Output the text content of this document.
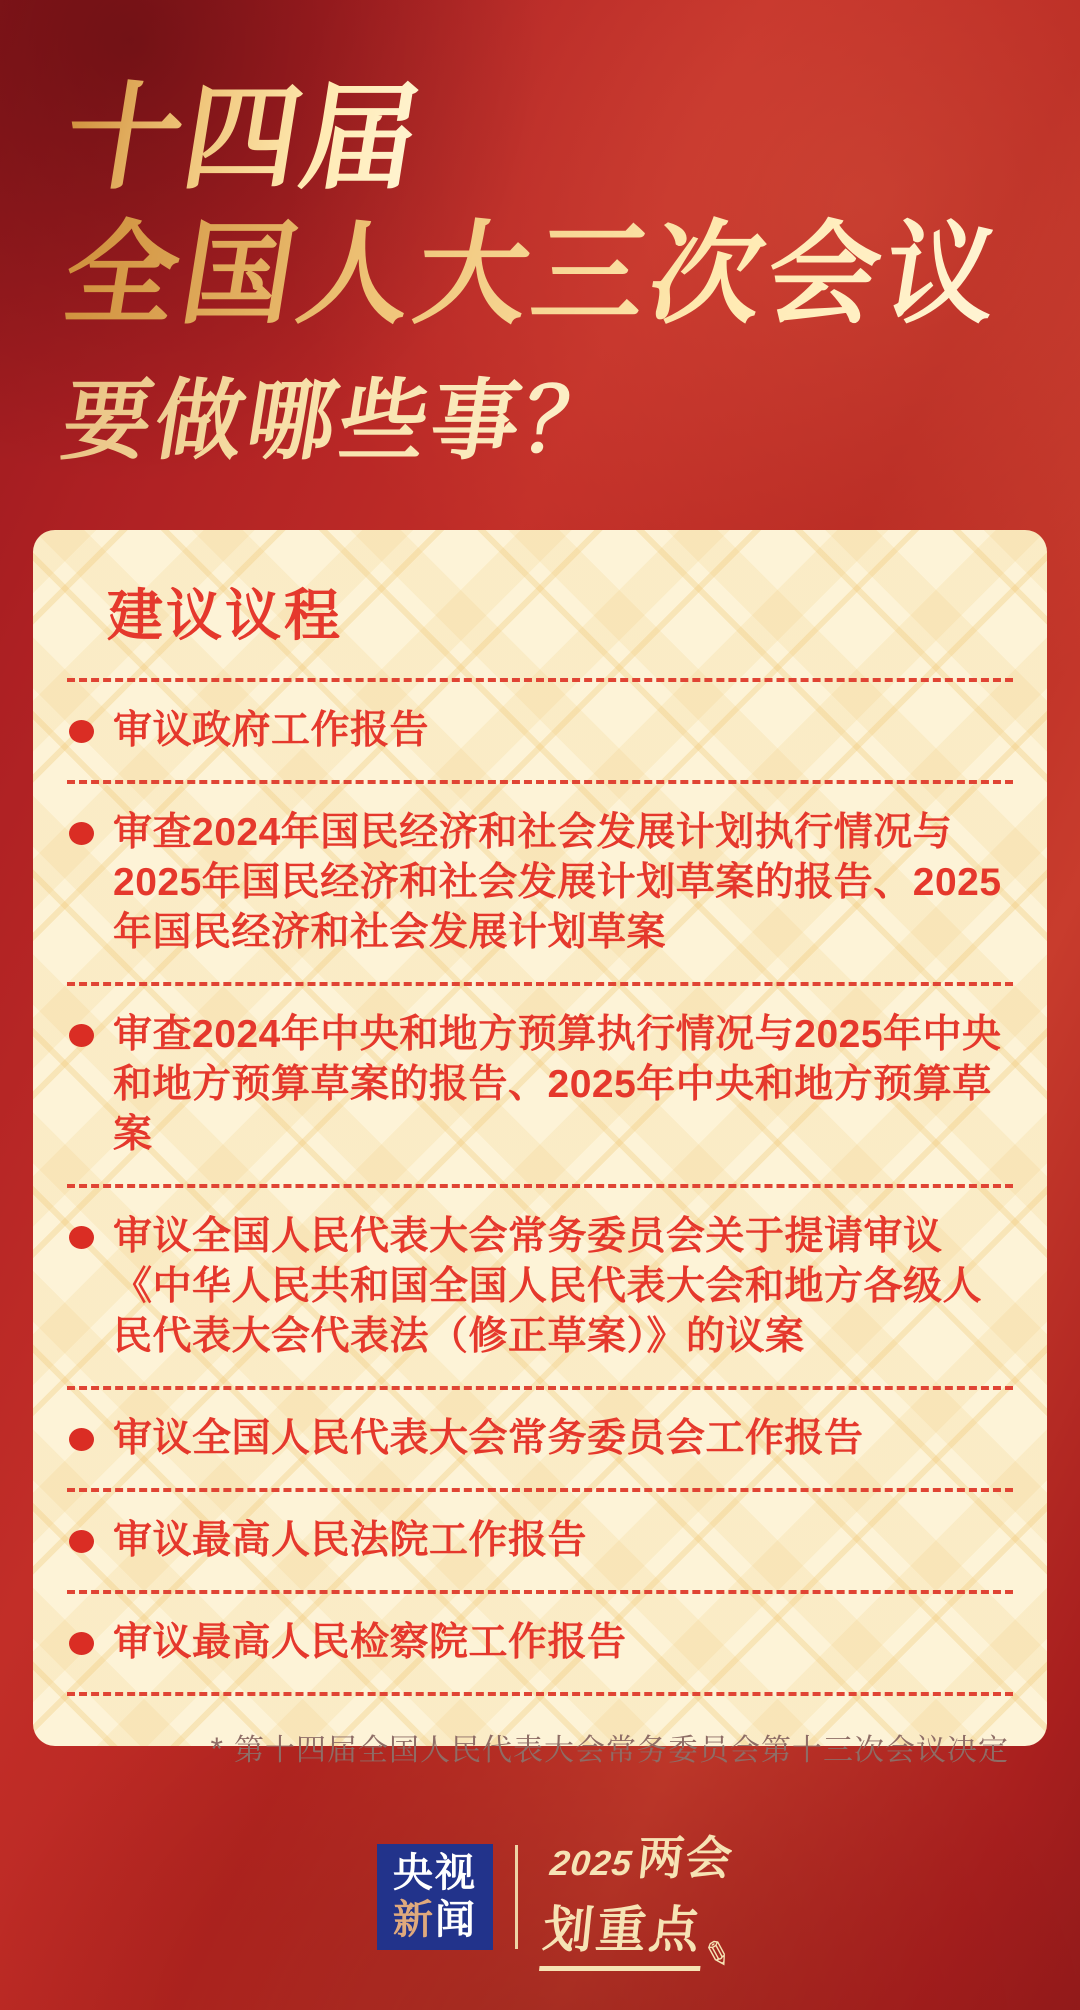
十四届
全国人大三次会议
要做哪些事？
建议议程
审议政府工作报告
审查2024年国民经济和社会发展计划执行情况与2025年国民经济和社会发展计划草案的报告、2025年国民经济和社会发展计划草案
审查2024年中央和地方预算执行情况与2025年中央和地方预算草案的报告、2025年中央和地方预算草案
审议全国人民代表大会常务委员会关于提请审议《中华人民共和国全国人民代表大会和地方各级人民代表大会代表法（修正草案）》的议案
审议全国人民代表大会常务委员会工作报告
审议最高人民法院工作报告
审议最高人民检察院工作报告

* 第十四届全国人民代表大会常务委员会第十三次会议决定

央视
新闻
2025 两会
划重点
✎
